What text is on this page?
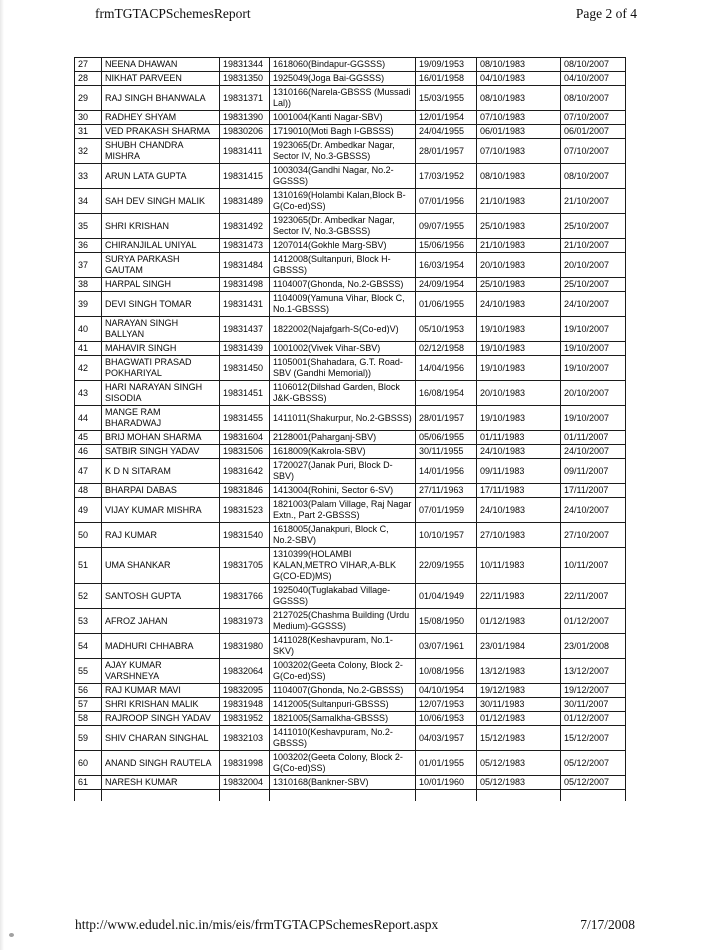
frmTGTACPSchemesReport	Page 2 of 4
27	NEENA DHAWAN	19831344	1618060(Bindapur-GGSSS)	19/09/1953	08/10/1983	08/10/2007
28	NIKHAT PARVEEN	19831350	1925049(Joga Bai-GGSSS)	16/01/1958	04/10/1983	04/10/2007
29	RAJ SINGH BHANWALA	19831371	1310166(Narela-GBSSS (Mussadi Lal))	15/03/1955	08/10/1983	08/10/2007
30	RADHEY SHYAM	19831390	1001004(Kanti Nagar-SBV)	12/01/1954	07/10/1983	07/10/2007
31	VED PRAKASH SHARMA	19830206	1719010(Moti Bagh I-GBSSS)	24/04/1955	06/01/1983	06/01/2007
32	SHUBH CHANDRA MISHRA	19831411	1923065(Dr. Ambedkar Nagar, Sector IV, No.3-GBSSS)	28/01/1957	07/10/1983	07/10/2007
33	ARUN LATA GUPTA	19831415	1003034(Gandhi Nagar, No.2-GGSSS)	17/03/1952	08/10/1983	08/10/2007
34	SAH DEV SINGH MALIK	19831489	1310169(Holambi Kalan,Block B-G(Co-ed)SS)	07/01/1956	21/10/1983	21/10/2007
35	SHRI KRISHAN	19831492	1923065(Dr. Ambedkar Nagar, Sector IV, No.3-GBSSS)	09/07/1955	25/10/1983	25/10/2007
36	CHIRANJILAL UNIYAL	19831473	1207014(Gokhle Marg-SBV)	15/06/1956	21/10/1983	21/10/2007
37	SURYA PARKASH GAUTAM	19831484	1412008(Sultanpuri, Block H-GBSSS)	16/03/1954	20/10/1983	20/10/2007
38	HARPAL SINGH	19831498	1104007(Ghonda, No.2-GBSSS)	24/09/1954	25/10/1983	25/10/2007
39	DEVI SINGH TOMAR	19831431	1104009(Yamuna Vihar, Block C, No.1-GBSSS)	01/06/1955	24/10/1983	24/10/2007
40	NARAYAN SINGH BALLYAN	19831437	1822002(Najafgarh-S(Co-ed)V)	05/10/1953	19/10/1983	19/10/2007
41	MAHAVIR SINGH	19831439	1001002(Vivek Vihar-SBV)	02/12/1958	19/10/1983	19/10/2007
42	BHAGWATI PRASAD POKHARIYAL	19831450	1105001(Shahadara, G.T. Road-SBV (Gandhi Memorial))	14/04/1956	19/10/1983	19/10/2007
43	HARI NARAYAN SINGH SISODIA	19831451	1106012(Dilshad Garden, Block J&K-GBSSS)	16/08/1954	20/10/1983	20/10/2007
44	MANGE RAM BHARADWAJ	19831455	1411011(Shakurpur, No.2-GBSSS)	28/01/1957	19/10/1983	19/10/2007
45	BRIJ MOHAN SHARMA	19831604	2128001(Paharganj-SBV)	05/06/1955	01/11/1983	01/11/2007
46	SATBIR SINGH YADAV	19831506	1618009(Kakrola-SBV)	30/11/1955	24/10/1983	24/10/2007
47	K D N SITARAM	19831642	1720027(Janak Puri, Block D-SBV)	14/01/1956	09/11/1983	09/11/2007
48	BHARPAI DABAS	19831846	1413004(Rohini, Sector 6-SV)	27/11/1963	17/11/1983	17/11/2007
49	VIJAY KUMAR MISHRA	19831523	1821003(Palam Village, Raj Nagar Extn., Part 2-GBSSS)	07/01/1959	24/10/1983	24/10/2007
50	RAJ KUMAR	19831540	1618005(Janakpuri, Block C, No.2-SBV)	10/10/1957	27/10/1983	27/10/2007
51	UMA SHANKAR	19831705	1310399(HOLAMBI KALAN,METRO VIHAR,A-BLK G(CO-ED)MS)	22/09/1955	10/11/1983	10/11/2007
52	SANTOSH GUPTA	19831766	1925040(Tuglakabad Village-GGSSS)	01/04/1949	22/11/1983	22/11/2007
53	AFROZ JAHAN	19831973	2127025(Chashma Building (Urdu Medium)-GGSSS)	15/08/1950	01/12/1983	01/12/2007
54	MADHURI CHHABRA	19831980	1411028(Keshavpuram, No.1-SKV)	03/07/1961	23/01/1984	23/01/2008
55	AJAY KUMAR VARSHNEYA	19832064	1003202(Geeta Colony, Block 2-G(Co-ed)SS)	10/08/1956	13/12/1983	13/12/2007
56	RAJ KUMAR MAVI	19832095	1104007(Ghonda, No.2-GBSSS)	04/10/1954	19/12/1983	19/12/2007
57	SHRI KRISHAN MALIK	19831948	1412005(Sultanpuri-GBSSS)	12/07/1953	30/11/1983	30/11/2007
58	RAJROOP SINGH YADAV	19831952	1821005(Samalkha-GBSSS)	10/06/1953	01/12/1983	01/12/2007
59	SHIV CHARAN SINGHAL	19832103	1411010(Keshavpuram, No.2-GBSSS)	04/03/1957	15/12/1983	15/12/2007
60	ANAND SINGH RAUTELA	19831998	1003202(Geeta Colony, Block 2-G(Co-ed)SS)	01/01/1955	05/12/1983	05/12/2007
61	NARESH KUMAR	19832004	1310168(Bankner-SBV)	10/01/1960	05/12/1983	05/12/2007

http://www.edudel.nic.in/mis/eis/frmTGTACPSchemesReport.aspx	7/17/2008
